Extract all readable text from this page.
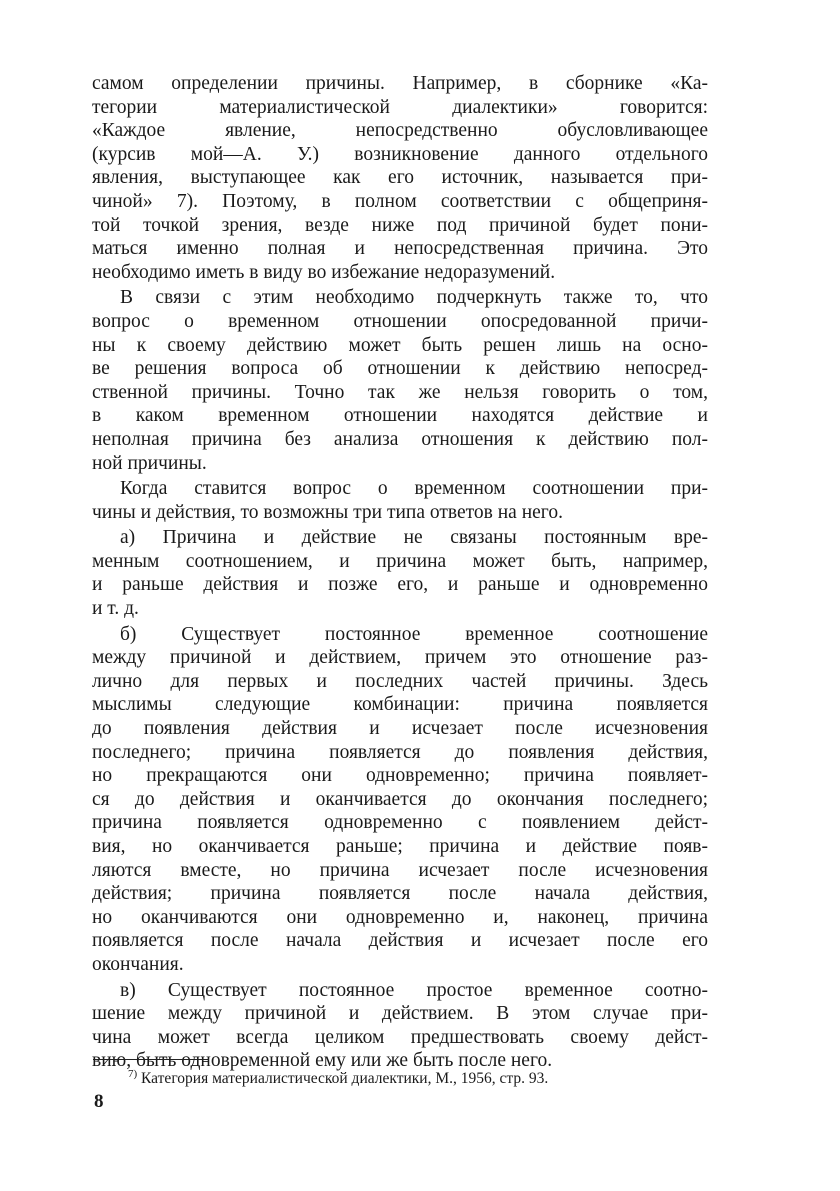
самом определении причины. Например, в сборнике «Ка-
тегории материалистической диалектики» говорится:
«Каждое явление, непосредственно обусловливающее
(курсив мой—А. У.) возникновение данного отдельного
явления, выступающее как его источник, называется при-
чиной» 7). Поэтому, в полном соответствии с общеприня-
той точкой зрения, везде ниже под причиной будет пони-
маться именно полная и непосредственная причина. Это
необходимо иметь в виду во избежание недоразумений.
В связи с этим необходимо подчеркнуть также то, что
вопрос о временном отношении опосредованной причи-
ны к своему действию может быть решен лишь на осно-
ве решения вопроса об отношении к действию непосред-
ственной причины. Точно так же нельзя говорить о том,
в каком временном отношении находятся действие и
неполная причина без анализа отношения к действию пол-
ной причины.
Когда ставится вопрос о временном соотношении при-
чины и действия, то возможны три типа ответов на него.
а) Причина и действие не связаны постоянным вре-
менным соотношением, и причина может быть, например,
и раньше действия и позже его, и раньше и одновременно
и т. д.
б) Существует постоянное временное соотношение
между причиной и действием, причем это отношение раз-
лично для первых и последних частей причины. Здесь
мыслимы следующие комбинации: причина появляется
до появления действия и исчезает после исчезновения
последнего; причина появляется до появления действия,
но прекращаются они одновременно; причина появляет-
ся до действия и оканчивается до окончания последнего;
причина появляется одновременно с появлением дейст-
вия, но оканчивается раньше; причина и действие появ-
ляются вместе, но причина исчезает после исчезновения
действия; причина появляется после начала действия,
но оканчиваются они одновременно и, наконец, причина
появляется после начала действия и исчезает после его
окончания.
в) Существует постоянное простое временное соотно-
шение между причиной и действием. В этом случае при-
чина может всегда целиком предшествовать своему дейст-
вию, быть одновременной ему или же быть после него.
$^{7)}$ Категория материалистической диалектики, М., 1956, стр. 93.
8
